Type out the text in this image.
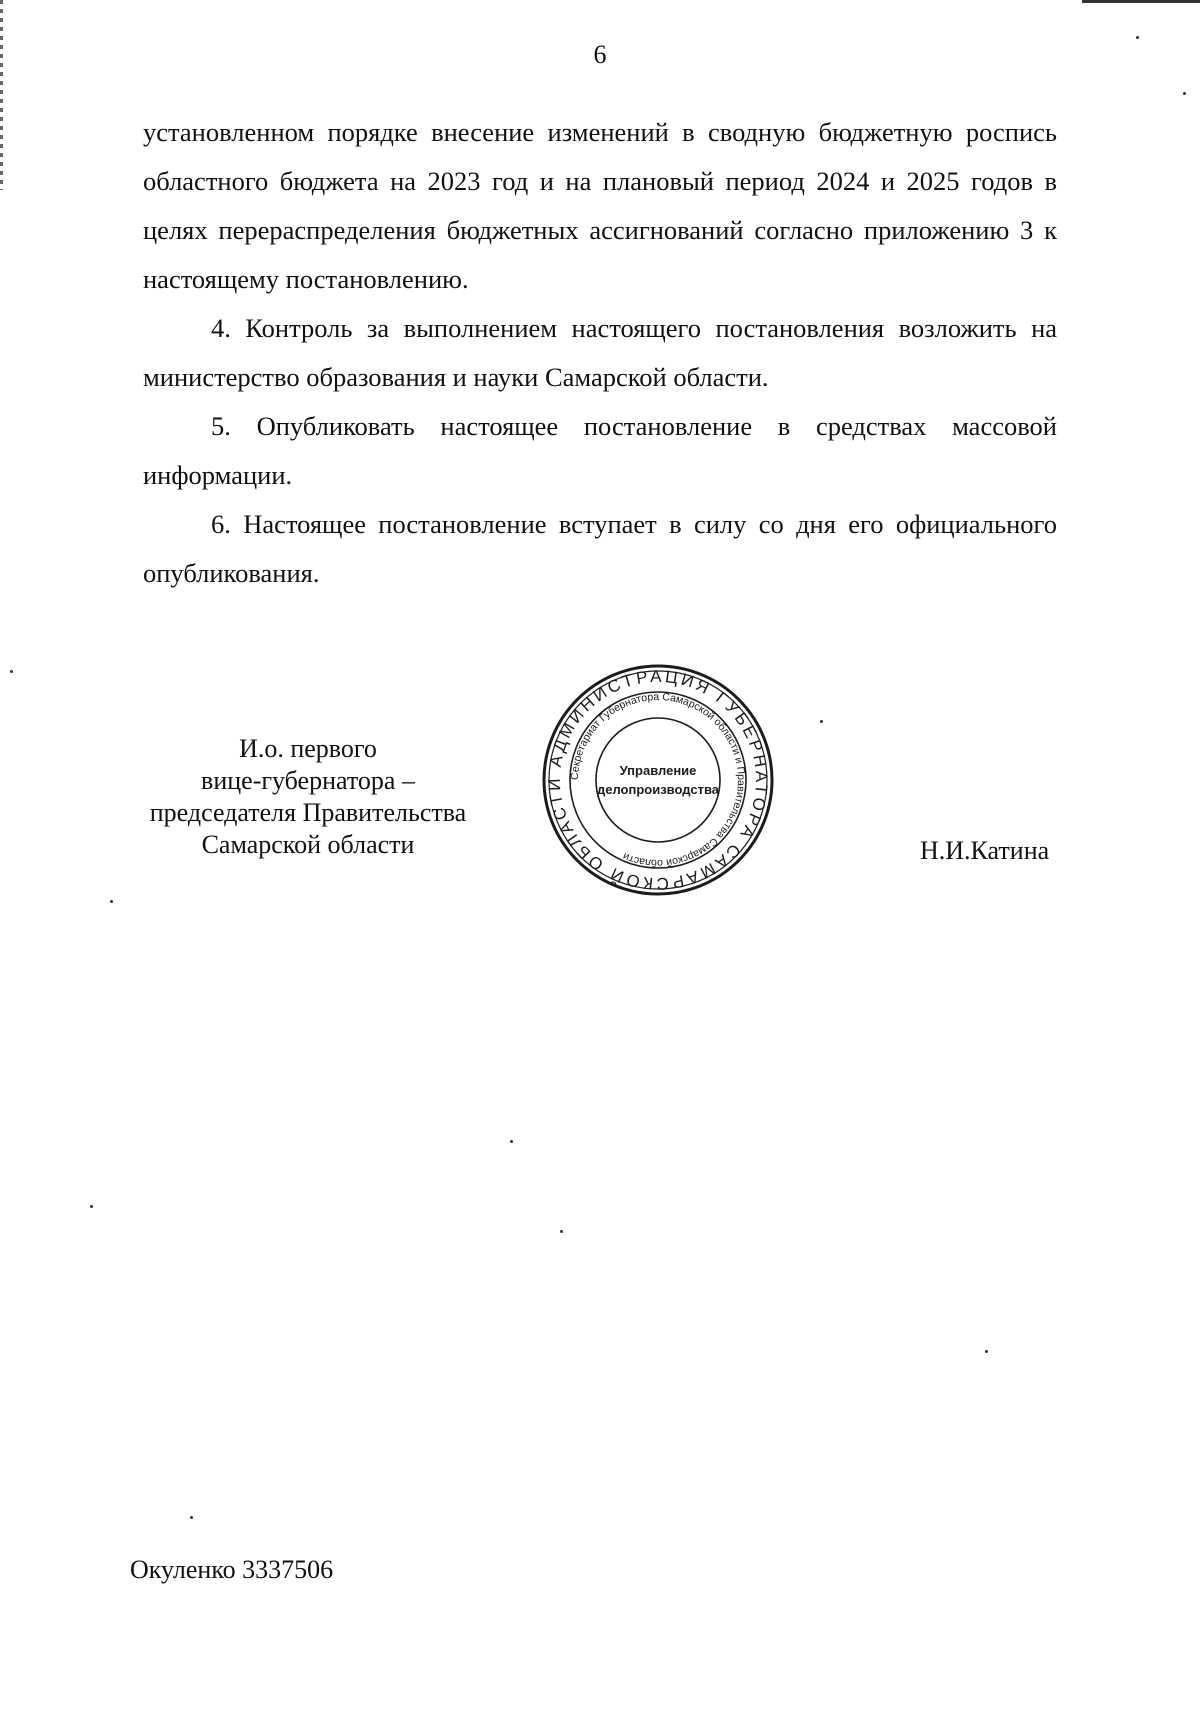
6

установленном порядке внесение изменений в сводную бюджетную роспись областного бюджета на 2023 год и на плановый период 2024 и 2025 годов в целях перераспределения бюджетных ассигнований согласно приложению 3 к настоящему постановлению.

4. Контроль за выполнением настоящего постановления возложить на министерство образования и науки Самарской области.

5. Опубликовать настоящее постановление в средствах массовой информации.

6. Настоящее постановление вступает в силу со дня его официального опубликования.

И.о. первого
вице-губернатора –
председателя Правительства
Самарской области
АДМИНИСТРАЦИЯ ГУБЕРНАТОРА САМАРСКОЙ ОБЛАСТИ Секретариат Губернатора Самарской области и Правительства Самарской области
Управление
делопроизводства
Н.И.Катина
Окуленко 3337506
